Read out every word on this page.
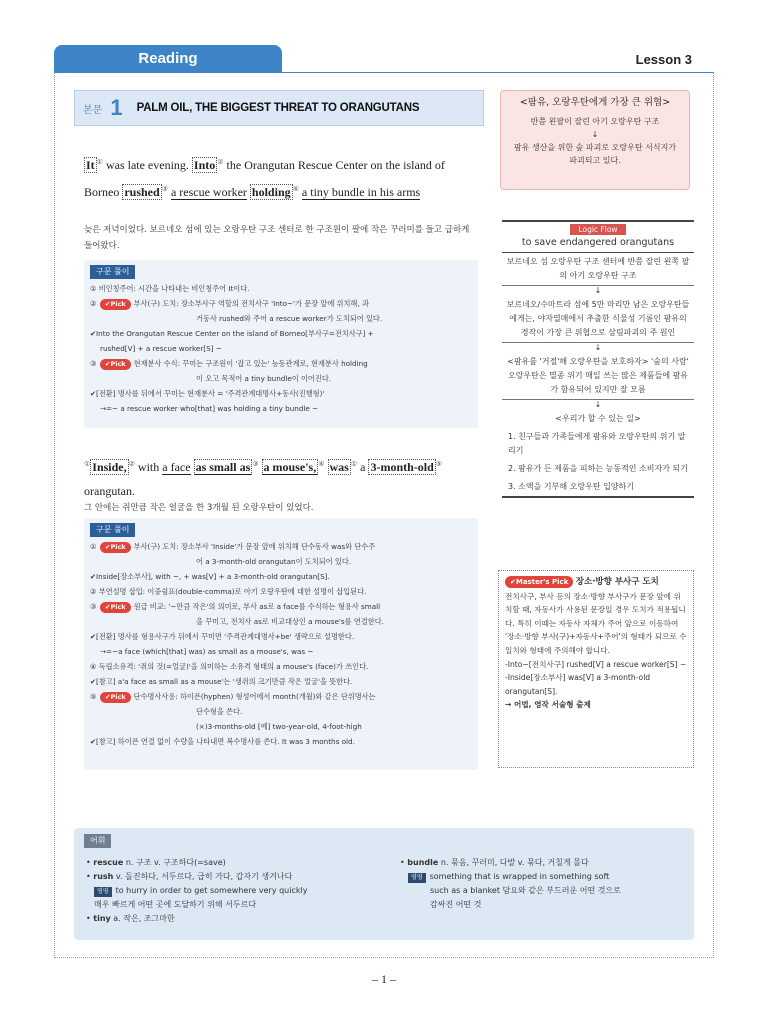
Reading	Lesson 3
본문 1 PALM OIL, THE BIGGEST THREAT TO ORANGUTANS
It ① was late evening. Into ② the Orangutan Rescue Center on the island of Borneo rushed ③ a rescue worker holding ④ a tiny bundle in his arms
늦은 저녁이었다. 보르네오 섬에 있는 오랑우탄 구조 센터로 한 구조원이 팔에 작은 꾸러미를 들고 급하게 들어왔다.
구문 풀이
① 비인칭주어: 시간을 나타내는 비인칭주어 It이다.
② ✔Pick 부사(구) 도치: 장소부사구 역할의 전치사구 'Into~'가 문장 앞에 위치해, 과
거동사 rushed와 주어 a rescue worker가 도치되어 있다.
✔Into the Orangutan Rescue Center on the island of Borneo[부사구=전치사구] +
rushed[V] + a rescue worker[S] ~
③ ✔Pick 현재분사 수식: 꾸미는 구조원이 '잡고 있는' 능동관계로, 현재분사 holding
이 오고 목적어 a tiny bundle이 이어진다.
✔[전환] 명사를 뒤에서 꾸미는 현재분사 = '주격관계대명사+동사(진행형)'
→=~ a rescue worker who[that] was holding a tiny bundle ~
① Inside, ② with a face as small as ③ a mouse's, ④ was ① a 3-month-old ⑤ orangutan.
그 안에는 쥐만큼 작은 얼굴을 한 3개월 된 오랑우탄이 있었다.
구문 풀이
① ✔Pick 부사(구) 도치: 장소부사 'Inside'가 문장 앞에 위치해 단수동사 was와 단수주
어 a 3-month-old orangutan이 도치되어 있다.
✔Inside[장소부사], with ~, + was[V] + a 3-month-old orangutan[S].
② 부연설명 삽입: 이중쉼표(double-comma)로 아기 오랑우탄에 대한 설명이 삽입된다.
③ ✔Pick 원급 비교: '~만큼 작은'의 의미로, 부사 as로 a face를 수식하는 형용사 small
을 꾸미고, 전치사 as로 비교대상인 a mouse's를 연결한다.
✔[전환] 명사를 형용사구가 뒤에서 꾸미면 '주격관계대명사+be' 생략으로 설명한다.
→=~a face (which[that] was) as small as a mouse's, was ~
④ 독립소유격: '쥐의 것(=얼굴)'을 의미하는 소유격 형태의 a mouse's (face)가 쓰인다.
✔[참고] a'a face as small as a mouse'는 '생쥐의 크기만큼 작은 얼굴'을 뜻한다.
⑤ ✔Pick 단수명사사용: 하이픈(hyphen) 형성어에서 month(개월)와 같은 단위명사는
단수형을 쓴다.
(×)3-months-old [예] two-year-old, 4-foot-high
✔[참고] 하이픈 연결 없이 수량을 나타내면 복수명사를 쓴다. It was 3 months old.
<팜유, 오랑우탄에게 가장 큰 위협>
반쯤 왼팔이 잘린 아기 오랑우탄 구조
↓
팜유 생산을 위한 숲 파괴로 오랑우탄 서식지가 파괴되고 있다.
Logic Flow
to save endangered orangutans
보르네오 섬 오랑우탄 구조 센터에 반쯤 잘린 왼쪽 팔의 아기 오랑우탄 구조
↓
보르네오/수마트라 섬에 5만 마리만 남은 오랑우탄들에게는, 야자열매에서 추출한 식물성 기름인 팜유의 경작이 가장 큰 위협으로 삼림파괴의 주 원인
↓
<팜유를 '거절'해 오랑우탄을 보호하자> '숲의 사람' 오랑우탄은 멸종 위기 매일 쓰는 많은 제품들에 팜유가 함유되어 있지만 잘 모름
↓
<우리가 할 수 있는 일>
1. 친구들과 가족들에게 팜유와 오랑우탄의 위기 알리기
2. 팜유가 든 제품을 피하는 능동적인 소비자가 되기
3. 소액을 기부해 오랑우탄 입양하기
✔Master's Pick 장소·방향 부사구 도치
전치사구, 부사 등의 장소·방향 부사구가 문장 앞에 위치할 때, 자동사가 사용된 문장일 경우 도치가 적용됩니다. 특히 이때는 자동사 자체가 주어 앞으로 이동하여 '장소·방향 부사(구)+자동사+주어'의 형태가 되므로 수 일치와 형태에 주의해야 합니다.
-Into~[전치사구] rushed[V] a rescue worker[S] ~
-Inside[장소부사] was[V] a 3-month-old orangutan[S].
→ 어법, 영작 서술형 출제
어휘
• rescue n. 구조 v. 구조하다(=save)
• rush v. 돌진하다, 서두르다, 급히 가다, 갑자기 생겨나다
영영 to hurry in order to get somewhere very quickly
매우 빠르게 어떤 곳에 도달하기 위해 서두르다
• tiny a. 작은, 조그마한
• bundle n. 묶음, 꾸러미, 다발 v. 묶다, 거칠게 몰다
영영 something that is wrapped in something soft
such as a blanket 담요와 같은 부드러운 어떤 것으로
감싸진 어떤 것
– 1 –
